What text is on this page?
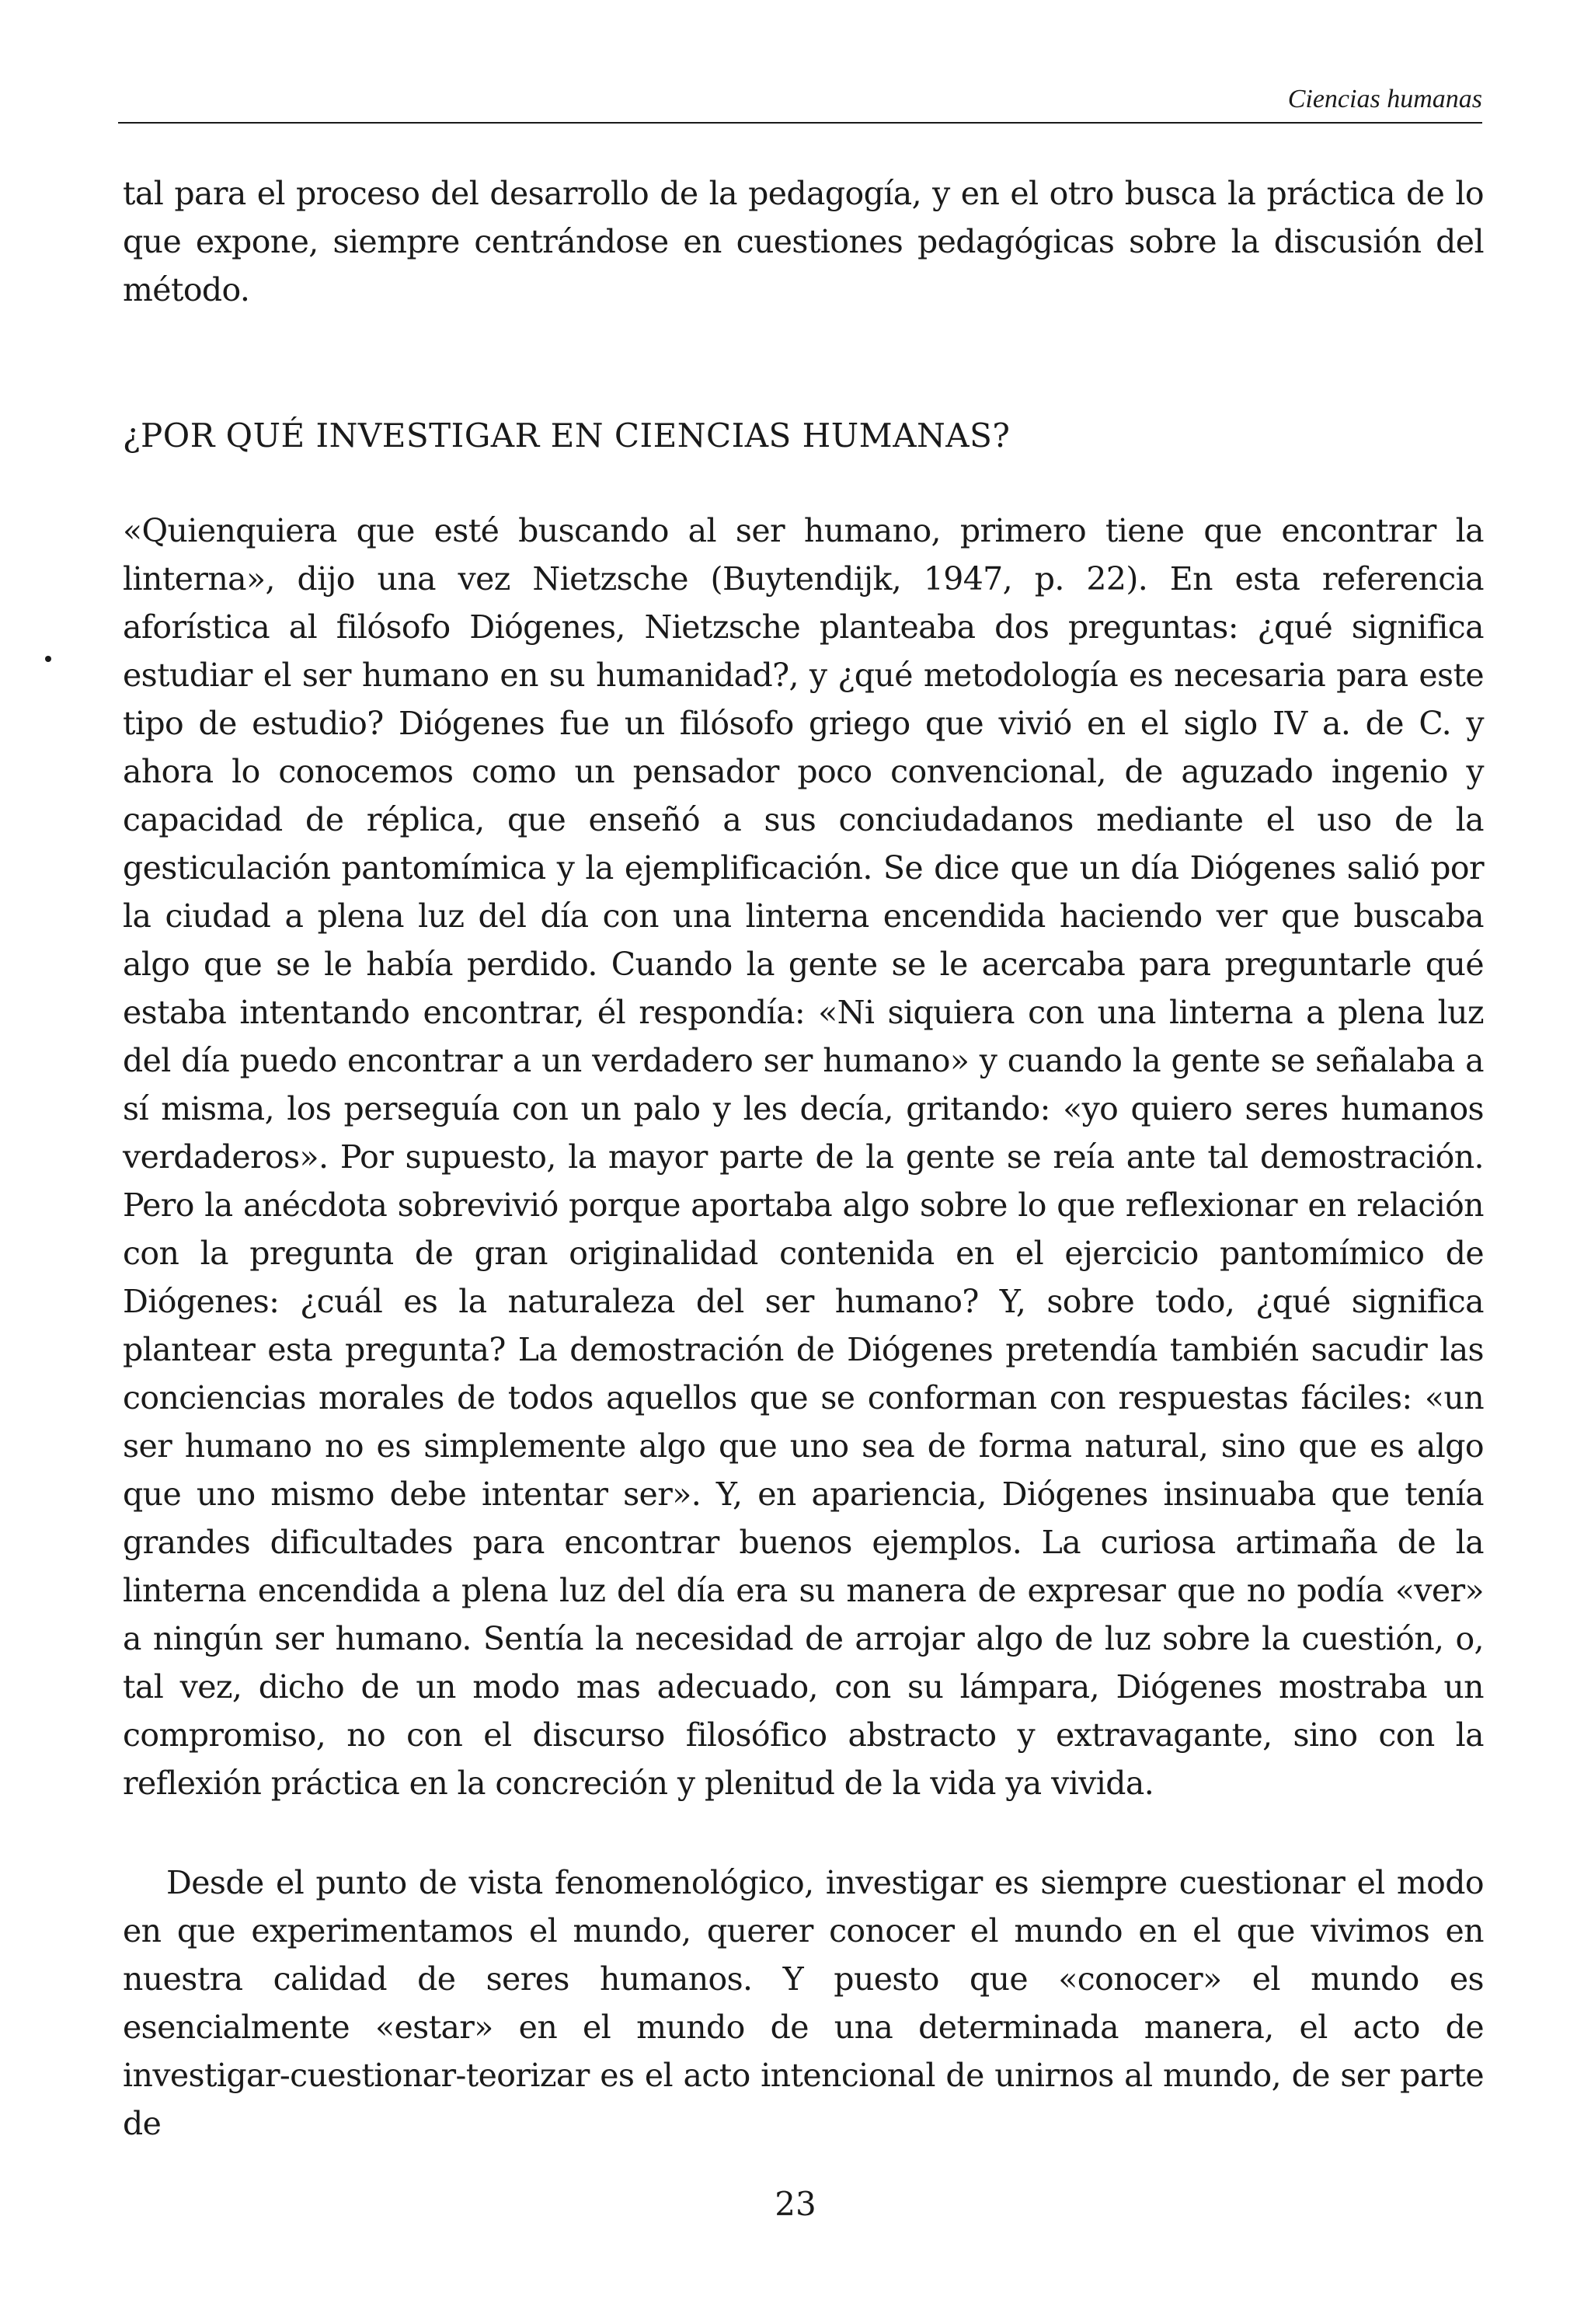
Ciencias humanas

tal para el proceso del desarrollo de la pedagogía, y en el otro busca la práctica de lo que expone, siempre centrándose en cuestiones pedagógicas sobre la discusión del método.

¿POR QUÉ INVESTIGAR EN CIENCIAS HUMANAS?

«Quienquiera que esté buscando al ser humano, primero tiene que encontrar la linterna», dijo una vez Nietzsche (Buytendijk, 1947, p. 22). En esta referencia aforística al filósofo Diógenes, Nietzsche planteaba dos preguntas: ¿qué significa estudiar el ser humano en su humanidad?, y ¿qué metodología es necesaria para este tipo de estudio? Diógenes fue un filósofo griego que vivió en el siglo IV a. de C. y ahora lo conocemos como un pensador poco convencional, de aguzado ingenio y capacidad de réplica, que enseñó a sus conciudadanos mediante el uso de la gesticulación pantomímica y la ejemplificación. Se dice que un día Diógenes salió por la ciudad a plena luz del día con una linterna encendida haciendo ver que buscaba algo que se le había perdido. Cuando la gente se le acercaba para preguntarle qué estaba intentando encontrar, él respondía: «Ni siquiera con una linterna a plena luz del día puedo encontrar a un verdadero ser humano» y cuando la gente se señalaba a sí misma, los perseguía con un palo y les decía, gritando: «yo quiero seres humanos verdaderos». Por supuesto, la mayor parte de la gente se reía ante tal demostración. Pero la anécdota sobrevivió porque aportaba algo sobre lo que reflexionar en relación con la pregunta de gran originalidad contenida en el ejercicio pantomímico de Diógenes: ¿cuál es la naturaleza del ser humano? Y, sobre todo, ¿qué significa plantear esta pregunta? La demostración de Diógenes pretendía también sacudir las conciencias morales de todos aquellos que se conforman con respuestas fáciles: «un ser humano no es simplemente algo que uno sea de forma natural, sino que es algo que uno mismo debe intentar ser». Y, en apariencia, Diógenes insinuaba que tenía grandes dificultades para encontrar buenos ejemplos. La curiosa artimaña de la linterna encendida a plena luz del día era su manera de expresar que no podía «ver» a ningún ser humano. Sentía la necesidad de arrojar algo de luz sobre la cuestión, o, tal vez, dicho de un modo mas adecuado, con su lámpara, Diógenes mostraba un compromiso, no con el discurso filosófico abstracto y extravagante, sino con la reflexión práctica en la concreción y plenitud de la vida ya vivida.

Desde el punto de vista fenomenológico, investigar es siempre cuestionar el modo en que experimentamos el mundo, querer conocer el mundo en el que vivimos en nuestra calidad de seres humanos. Y puesto que «conocer» el mundo es esencialmente «estar» en el mundo de una determinada manera, el acto de investigar-cuestionar-teorizar es el acto intencional de unirnos al mundo, de ser parte de

23
